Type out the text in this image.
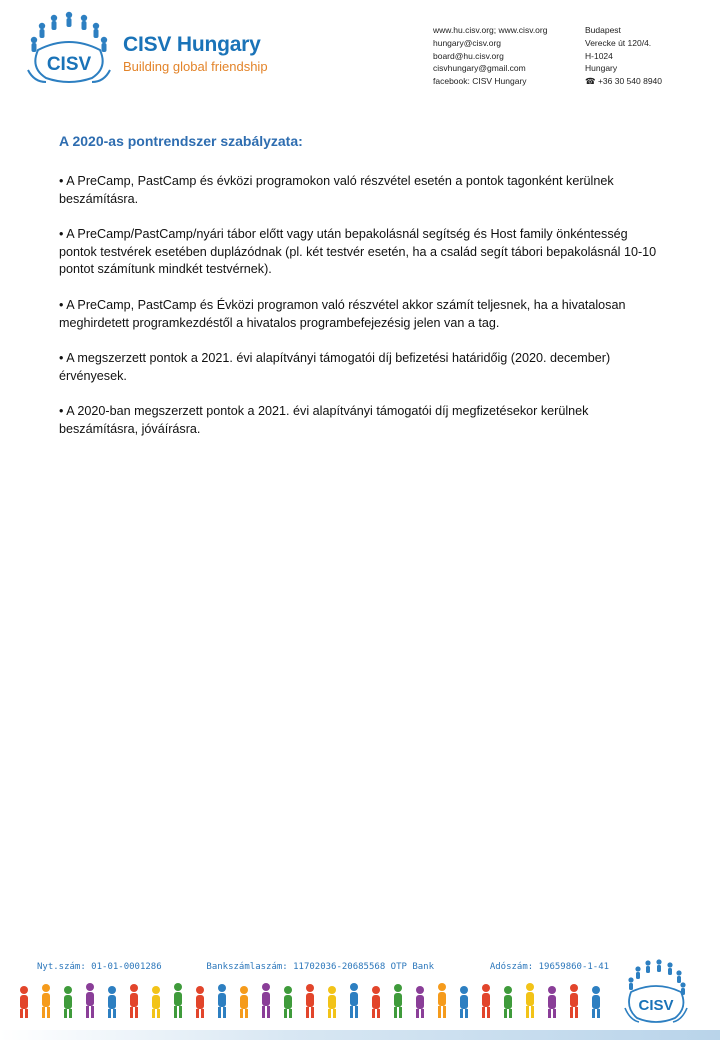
CISV
CISV Hungary
Building global friendship
www.hu.cisv.org; www.cisv.org
hungary@cisv.org
board@hu.cisv.org
cisvhungary@gmail.com
facebook: CISV Hungary
Budapest
Verecke út 120/4.
H-1024
Hungary
☎ +36 30 540 8940
A 2020-as pontrendszer szabályzata:

• A PreCamp, PastCamp és évközi programokon való részvétel esetén a pontok tagonként kerülnek beszámításra.

• A PreCamp/PastCamp/nyári tábor előtt vagy után bepakolásnál segítség és Host family önkéntesség pontok testvérek esetében duplázódnak (pl. két testvér esetén, ha a család segít tábori bepakolásnál 10-10 pontot számítunk mindkét testvérnek).

• A PreCamp, PastCamp és Évközi programon való részvétel akkor számít teljesnek, ha a hivatalosan meghirdetett programkezdéstől a hivatalos programbefejezésig jelen van a tag.

• A megszerzett pontok a 2021. évi alapítványi támogatói díj befizetési határidőig (2020. december) érvényesek.

• A 2020-ban megszerzett pontok a 2021. évi alapítványi támogatói díj megfizetésekor kerülnek beszámításra, jóváírásra.

Nyt.szám: 01-01-0001286	Bankszámlaszám: 11702036-20685568 OTP Bank	Adószám: 19659860-1-41
CISV
